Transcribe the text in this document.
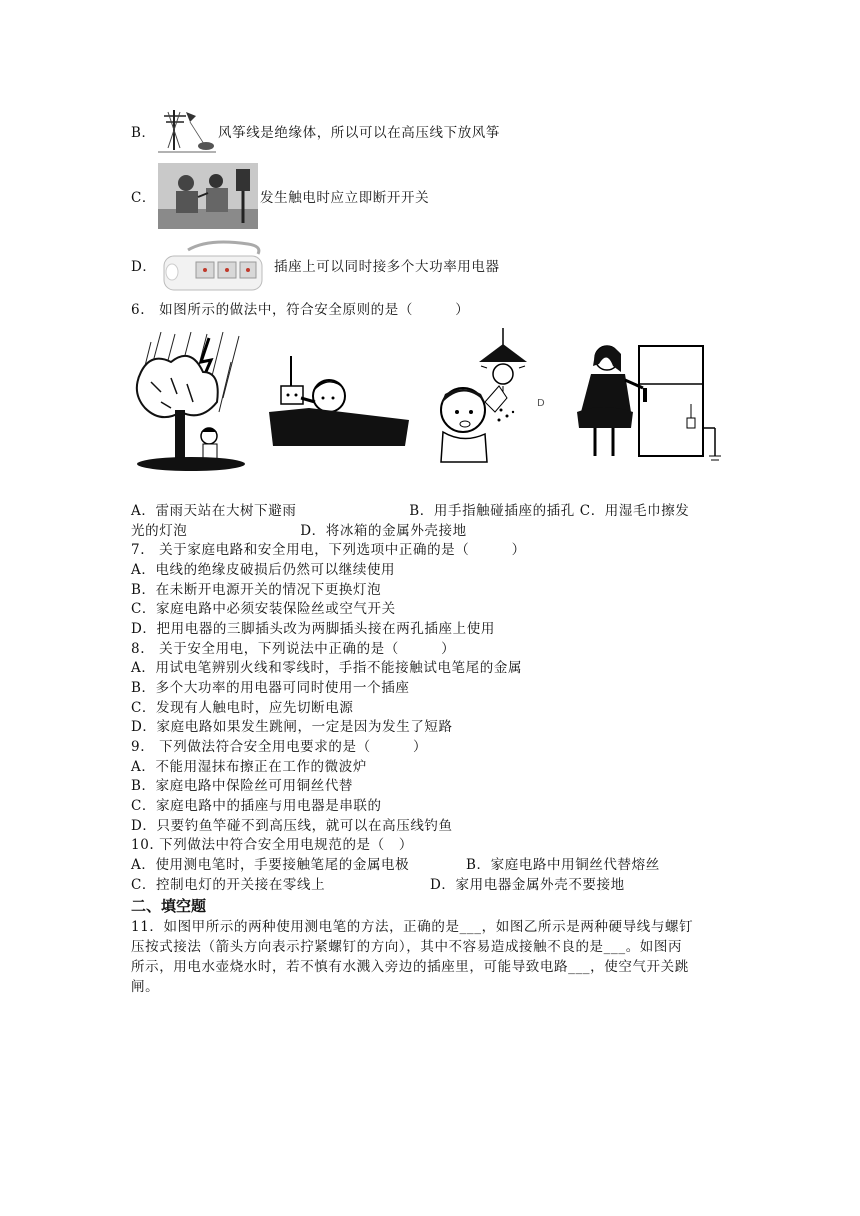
B．	风筝线是绝缘体，所以可以在高压线下放风筝
C．	发生触电时应立即断开开关
D．	插座上可以同时接多个大功率用电器
6.　如图所示的做法中，符合安全原则的是（　　　）
D
A．雷雨天站在大树下避雨　　　　　　　　B．用手指触碰插座的插孔 C．用湿毛巾擦发
光的灯泡　　　　　　　　D．将冰箱的金属外壳接地
7.　关于家庭电路和安全用电，下列选项中正确的是（　　　）
A．电线的绝缘皮破损后仍然可以继续使用
B．在未断开电源开关的情况下更换灯泡
C．家庭电路中必须安装保险丝或空气开关
D．把用电器的三脚插头改为两脚插头接在两孔插座上使用
8.　关于安全用电，下列说法中正确的是（　　　）
A．用试电笔辨别火线和零线时，手指不能接触试电笔尾的金属
B．多个大功率的用电器可同时使用一个插座
C．发现有人触电时，应先切断电源
D．家庭电路如果发生跳闸，一定是因为发生了短路
9.　下列做法符合安全用电要求的是（　　　）
A．不能用湿抹布擦正在工作的微波炉
B．家庭电路中保险丝可用铜丝代替
C．家庭电路中的插座与用电器是串联的
D．只要钓鱼竿碰不到高压线，就可以在高压线钓鱼
10. 下列做法中符合安全用电规范的是（　）
A．使用测电笔时，手要接触笔尾的金属电极	B．家庭电路中用铜丝代替熔丝
C．控制电灯的开关接在零线上	D．家用电器金属外壳不要接地
二、填空题
11．如图甲所示的两种使用测电笔的方法，正确的是___，如图乙所示是两种硬导线与螺钉
压按式接法（箭头方向表示拧紧螺钉的方向），其中不容易造成接触不良的是___。如图丙
所示，用电水壶烧水时，若不慎有水溅入旁边的插座里，可能导致电路___，使空气开关跳
闸。
